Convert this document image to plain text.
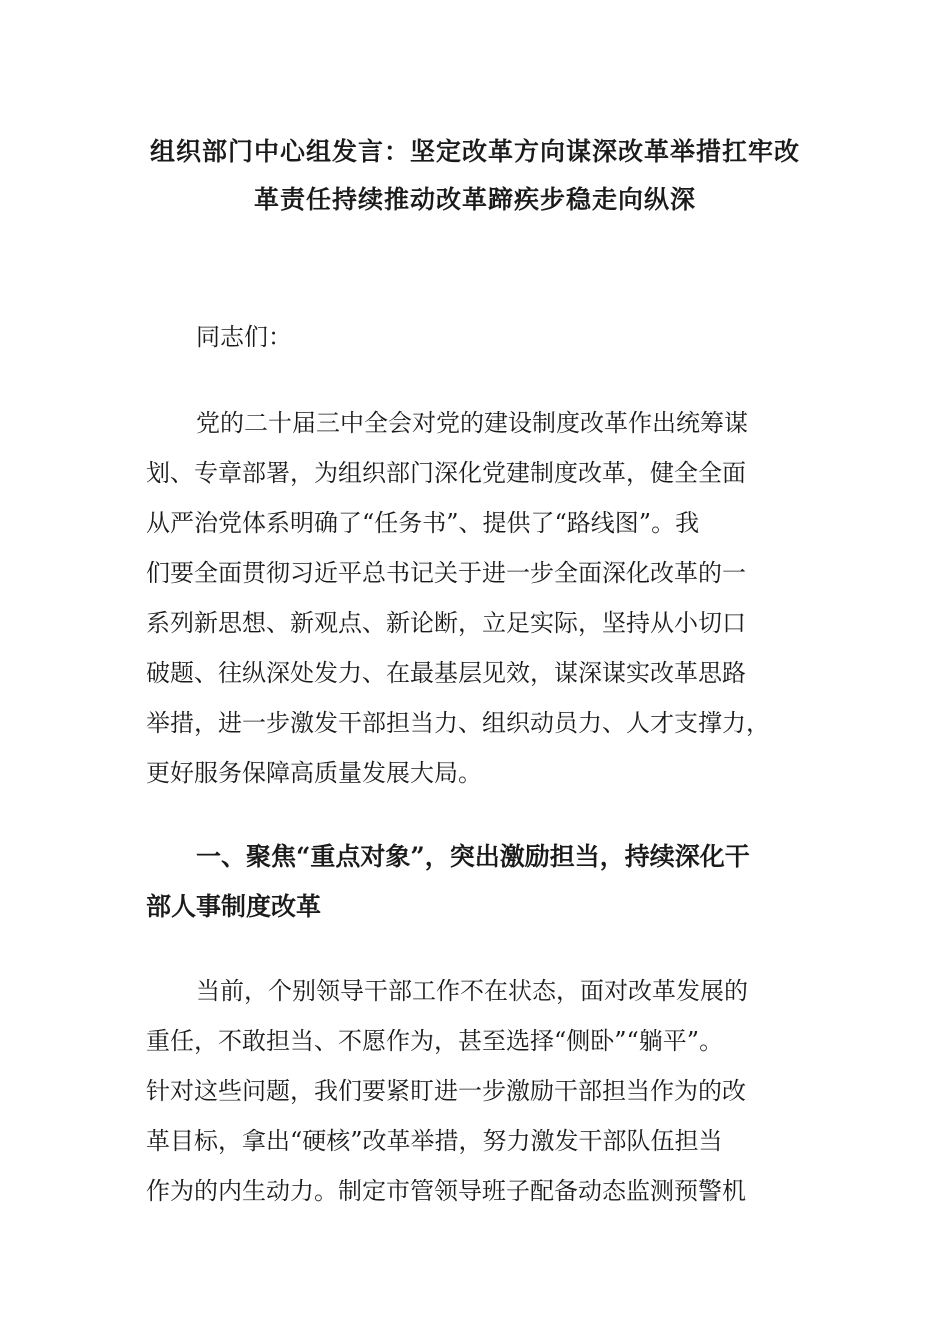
组织部门中心组发言：坚定改革方向谋深改革举措扛牢改
革责任持续推动改革蹄疾步稳走向纵深
同志们：
党的二十届三中全会对党的建设制度改革作出统筹谋
划、专章部署，为组织部门深化党建制度改革，健全全面
从严治党体系明确了“任务书”、提供了“路线图”。我
们要全面贯彻习近平总书记关于进一步全面深化改革的一
系列新思想、新观点、新论断，立足实际，坚持从小切口
破题、往纵深处发力、在最基层见效，谋深谋实改革思路
举措，进一步激发干部担当力、组织动员力、人才支撑力，
更好服务保障高质量发展大局。
一、聚焦“重点对象”，突出激励担当，持续深化干
部人事制度改革
当前，个别领导干部工作不在状态，面对改革发展的
重任，不敢担当、不愿作为，甚至选择“侧卧”“躺平”。
针对这些问题，我们要紧盯进一步激励干部担当作为的改
革目标，拿出“硬核”改革举措，努力激发干部队伍担当
作为的内生动力。制定市管领导班子配备动态监测预警机
